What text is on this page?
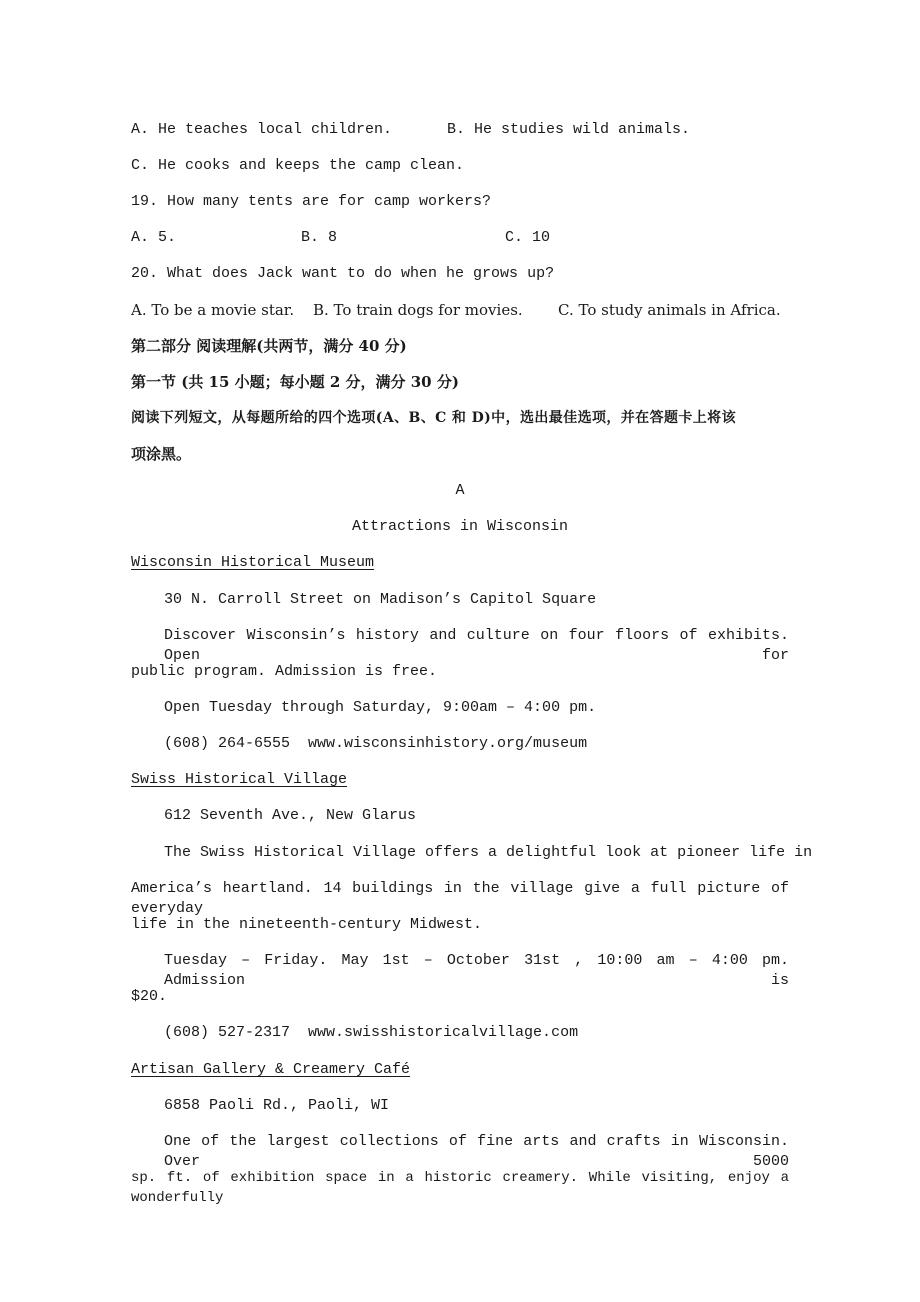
A. He teaches local children.	B. He studies wild animals.
C. He cooks and keeps the camp clean.
19. How many tents are for camp workers?
A. 5.	B. 8	C. 10
20. What does Jack want to do when he grows up?
A. To be a movie star. B. To train dogs for movies. C. To study animals in Africa.
第二部分 阅读理解(共两节，满分 40 分)
第一节 (共 15 小题；每小题 2 分，满分 30 分)
阅读下列短文，从每题所给的四个选项(A、B、C 和 D)中，选出最佳选项，并在答题卡上将该
项涂黑。
A
Attractions in Wisconsin
Wisconsin Historical Museum
30 N. Carroll Street on Madison’s Capitol Square
Discover Wisconsin’s history and culture on four floors of exhibits. Open for
public program. Admission is free.
Open Tuesday through Saturday, 9:00am – 4:00 pm.
(608) 264-6555  www.wisconsinhistory.org/museum
Swiss Historical Village
612 Seventh Ave., New Glarus
The Swiss Historical Village offers a delightful look at pioneer life in
America’s heartland. 14 buildings in the village give a full picture of everyday
life in the nineteenth-century Midwest.
Tuesday – Friday. May 1st – October 31st , 10:00 am – 4:00 pm. Admission is
$20.
(608) 527-2317  www.swisshistoricalvillage.com
Artisan Gallery & Creamery Café
6858 Paoli Rd., Paoli, WI
One of the largest collections of fine arts and crafts in Wisconsin. Over 5000
sp. ft. of exhibition space in a historic creamery. While visiting, enjoy a wonderfully
